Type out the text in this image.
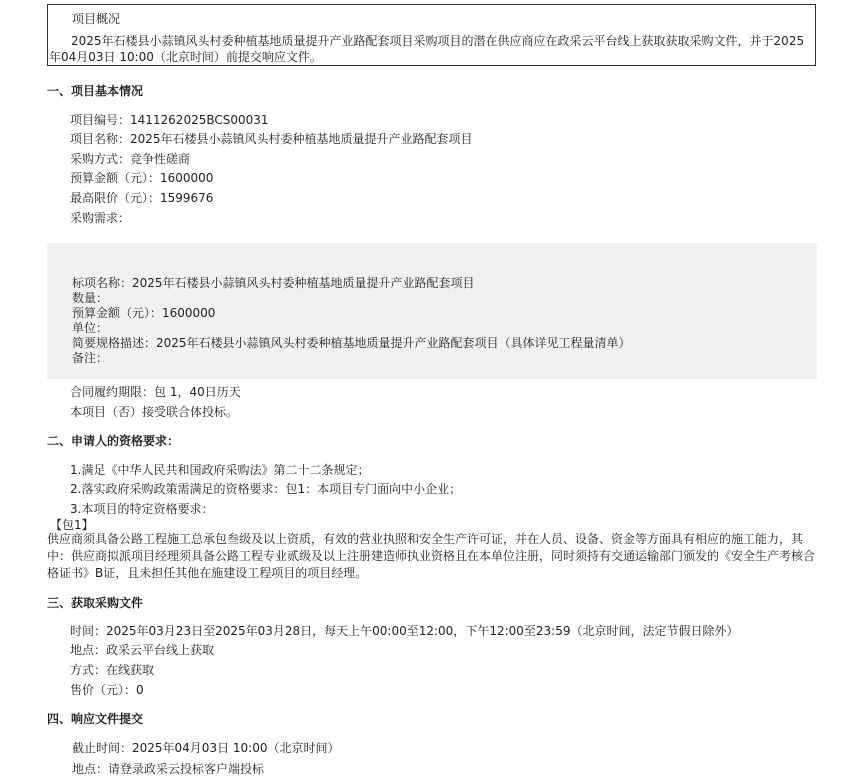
项目概况
2025年石楼县小蒜镇风头村委种植基地质量提升产业路配套项目采购项目的潜在供应商应在政采云平台线上获取获取采购文件，并于2025年04月03日 10:00（北京时间）前提交响应文件。
一、项目基本情况
项目编号：1411262025BCS00031
项目名称：2025年石楼县小蒜镇风头村委种植基地质量提升产业路配套项目
采购方式：竞争性磋商
预算金额（元）：1600000
最高限价（元）：1599676
采购需求：
标项名称：2025年石楼县小蒜镇风头村委种植基地质量提升产业路配套项目
数量：
预算金额（元）：1600000
单位：
简要规格描述：2025年石楼县小蒜镇风头村委种植基地质量提升产业路配套项目（具体详见工程量清单）
备注：
合同履约期限：包 1，40日历天
本项目（否）接受联合体投标。
二、申请人的资格要求：
1.满足《中华人民共和国政府采购法》第二十二条规定；
2.落实政府采购政策需满足的资格要求：包1：本项目专门面向中小企业；
3.本项目的特定资格要求：
【包1】
供应商须具备公路工程施工总承包叁级及以上资质，有效的营业执照和安全生产许可证，并在人员、设备、资金等方面具有相应的施工能力，其中：供应商拟派项目经理须具备公路工程专业贰级及以上注册建造师执业资格且在本单位注册，同时须持有交通运输部门颁发的《安全生产考核合格证书》B证，且未担任其他在施建设工程项目的项目经理。
三、获取采购文件
时间：2025年03月23日至2025年03月28日，每天上午00:00至12:00，下午12:00至23:59（北京时间，法定节假日除外）
地点：政采云平台线上获取
方式：在线获取
售价（元）：0
四、响应文件提交
截止时间：2025年04月03日 10:00（北京时间）
地点：请登录政采云投标客户端投标
